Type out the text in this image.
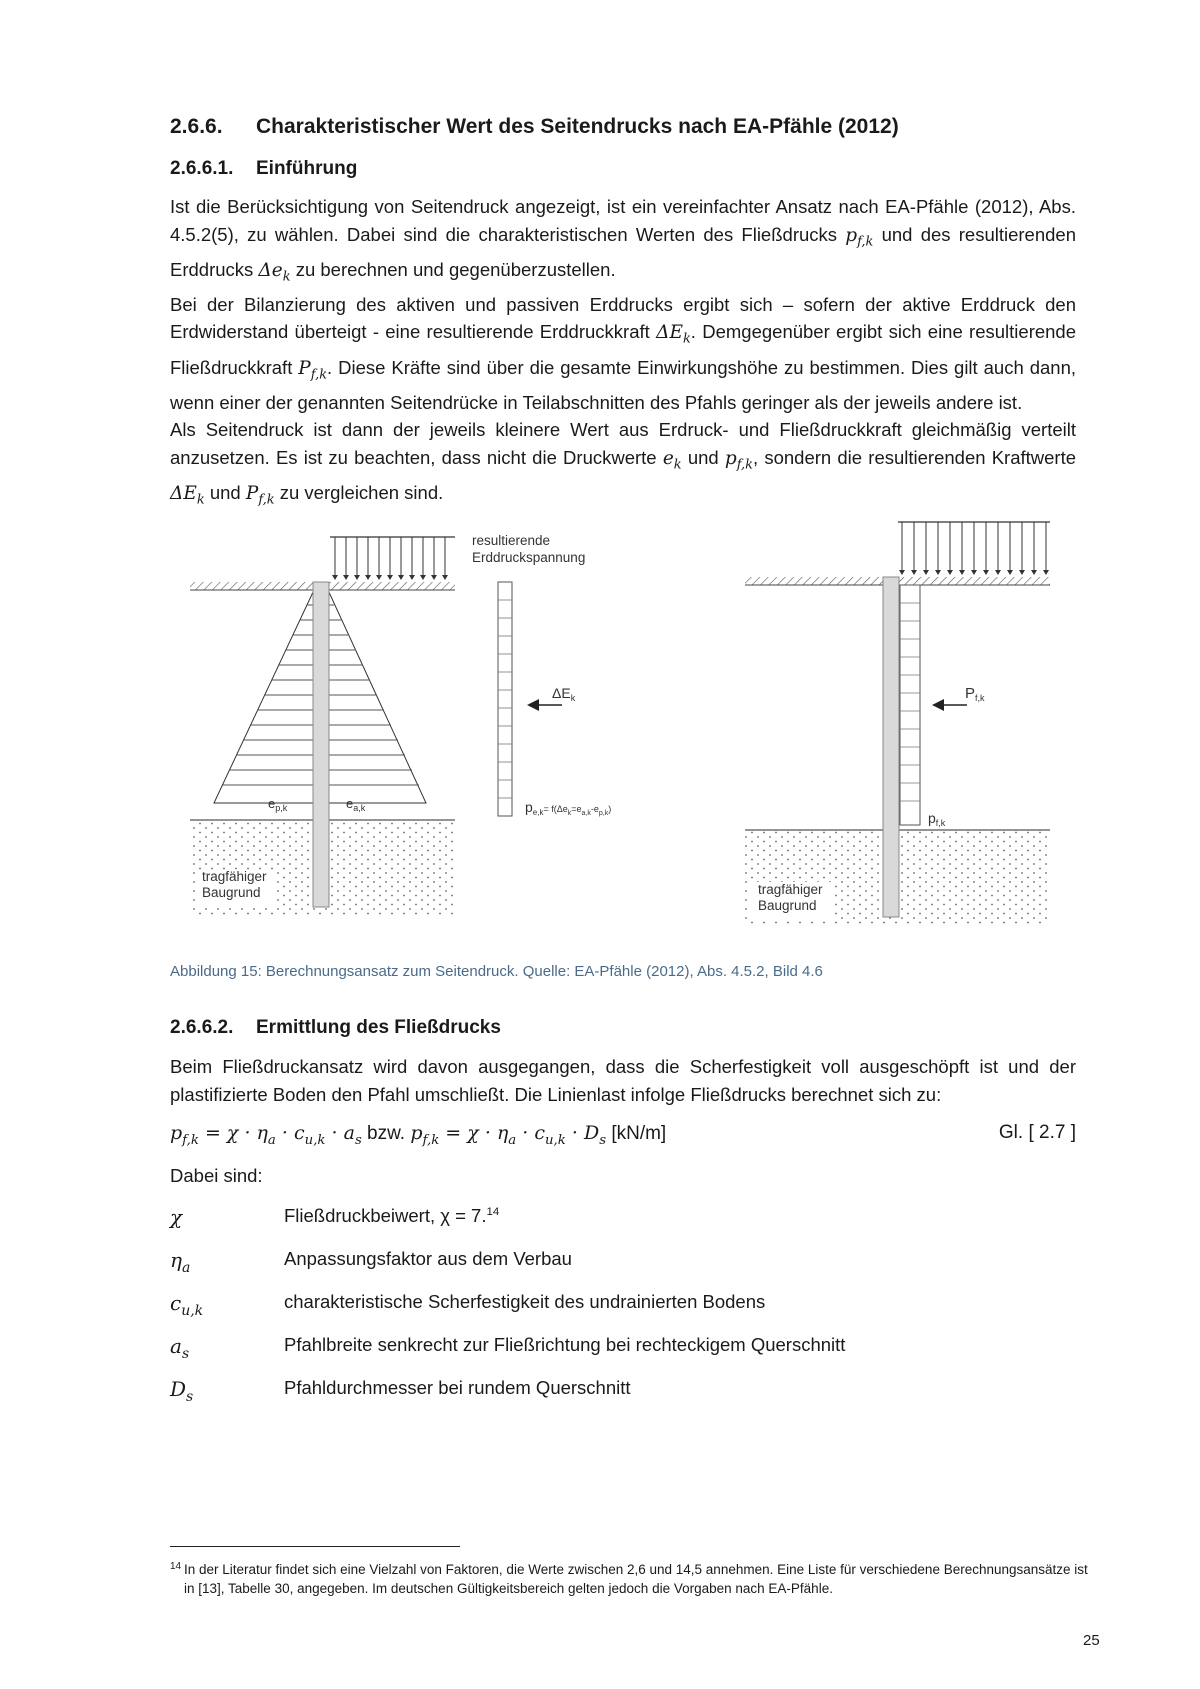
2.6.6. Charakteristischer Wert des Seitendrucks nach EA-Pfähle (2012)
2.6.6.1. Einführung

Ist die Berücksichtigung von Seitendruck angezeigt, ist ein vereinfachter Ansatz nach EA-Pfähle (2012), Abs. 4.5.2(5), zu wählen. Dabei sind die charakteristischen Werten des Fließdrucks $p_{f,k}$ und des resultierenden Erddrucks $\Delta e_k$ zu berechnen und gegenüberzustellen.

Bei der Bilanzierung des aktiven und passiven Erddrucks ergibt sich – sofern der aktive Erddruck den Erdwiderstand überteigt - eine resultierende Erddruckkraft $\Delta E_k$. Demgegenüber ergibt sich eine resultierende Fließdruckkraft $P_{f,k}$. Diese Kräfte sind über die gesamte Einwirkungshöhe zu bestimmen. Dies gilt auch dann, wenn einer der genannten Seitendrücke in Teilabschnitten des Pfahls geringer als der jeweils andere ist.

Als Seitendruck ist dann der jeweils kleinere Wert aus Erdruck- und Fließdruckkraft gleichmäßig verteilt anzusetzen. Es ist zu beachten, dass nicht die Druckwerte $e_k$ und $p_{f,k}$, sondern die resultierenden Kraftwerte $\Delta E_k$ und $P_{f,k}$ zu vergleichen sind.

$e_{p,k}$	$e_{a,k}$
tragfähiger
Baugrund
resultierende
Erddruckspannung
$\Delta E_k$
$p_{e,k}^{= f(\Delta e}_k^{=e}_{a,k}^{-e}_{p,k}^)$
$P_{f,k}$
$p_{f,k}$
tragfähiger
Baugrund
Abbildung 15: Berechnungsansatz zum Seitendruck. Quelle: EA-Pfähle (2012), Abs. 4.5.2, Bild 4.6
2.6.6.2. Ermittlung des Fließdrucks

Beim Fließdruckansatz wird davon ausgegangen, dass die Scherfestigkeit voll ausgeschöpft ist und der plastifizierte Boden den Pfahl umschließt. Die Linienlast infolge Fließdrucks berechnet sich zu:

$p_{f,k} = \chi \cdot \eta_a \cdot c_{u,k} \cdot a_s$ bzw. $p_{f,k} = \chi \cdot \eta_a \cdot c_{u,k} \cdot D_s$ [kN/m]	Gl. [ 2.7 ]
Dabei sind:
χ	Fließdruckbeiwert, χ = 7.14
$\eta_a$	Anpassungsfaktor aus dem Verbau
$c_{u,k}$	charakteristische Scherfestigkeit des undrainierten Bodens
$a_s$	Pfahlbreite senkrecht zur Fließrichtung bei rechteckigem Querschnitt
$D_s$	Pfahldurchmesser bei rundem Querschnitt
14 In der Literatur findet sich eine Vielzahl von Faktoren, die Werte zwischen 2,6 und 14,5 annehmen. Eine Liste für verschiedene Berechnungsansätze ist in [13], Tabelle 30, angegeben. Im deutschen Gültigkeitsbereich gelten jedoch die Vorgaben nach EA-Pfähle.
25
